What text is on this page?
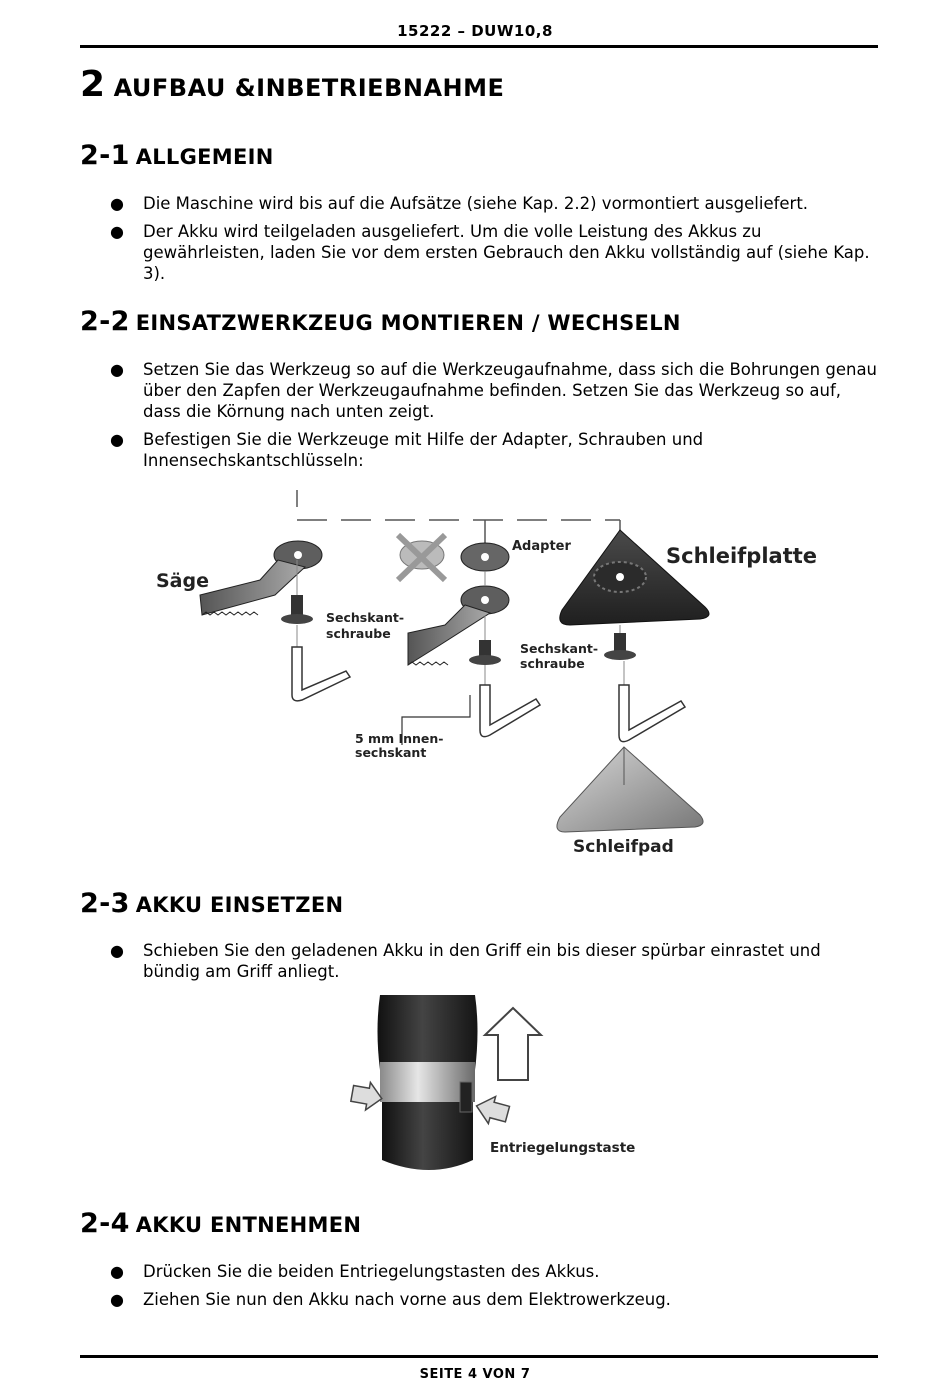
15222 – DUW10,8
2 AUFBAU &INBETRIEBNAHME
2-1 ALLGEMEIN
● Die Maschine wird bis auf die Aufsätze (siehe Kap. 2.2) vormontiert ausgeliefert.
● Der Akku wird teilgeladen ausgeliefert. Um die volle Leistung des Akkus zu gewährleisten, laden Sie vor dem ersten Gebrauch den Akku vollständig auf (siehe Kap. 3).
2-2 EINSATZWERKZEUG MONTIEREN / WECHSELN
● Setzen Sie das Werkzeug so auf die Werkzeugaufnahme, dass sich die Bohrungen genau über den Zapfen der Werkzeugaufnahme befinden. Setzen Sie das Werkzeug so auf, dass die Körnung nach unten zeigt.
● Befestigen Sie die Werkzeuge mit Hilfe der Adapter, Schrauben und Innensechskantschlüsseln:
Säge
Adapter	Schleifplatte
Sechskant-
schraube
Sechskant-
schraube
5 mm Innen-
sechskant
Schleifpad
2-3 AKKU EINSETZEN
● Schieben Sie den geladenen Akku in den Griff ein bis dieser spürbar einrastet und bündig am Griff anliegt.
Entriegelungstaste
2-4 AKKU ENTNEHMEN
● Drücken Sie die beiden Entriegelungstasten des Akkus.
● Ziehen Sie nun den Akku nach vorne aus dem Elektrowerkzeug.
SEITE 4 VON 7
